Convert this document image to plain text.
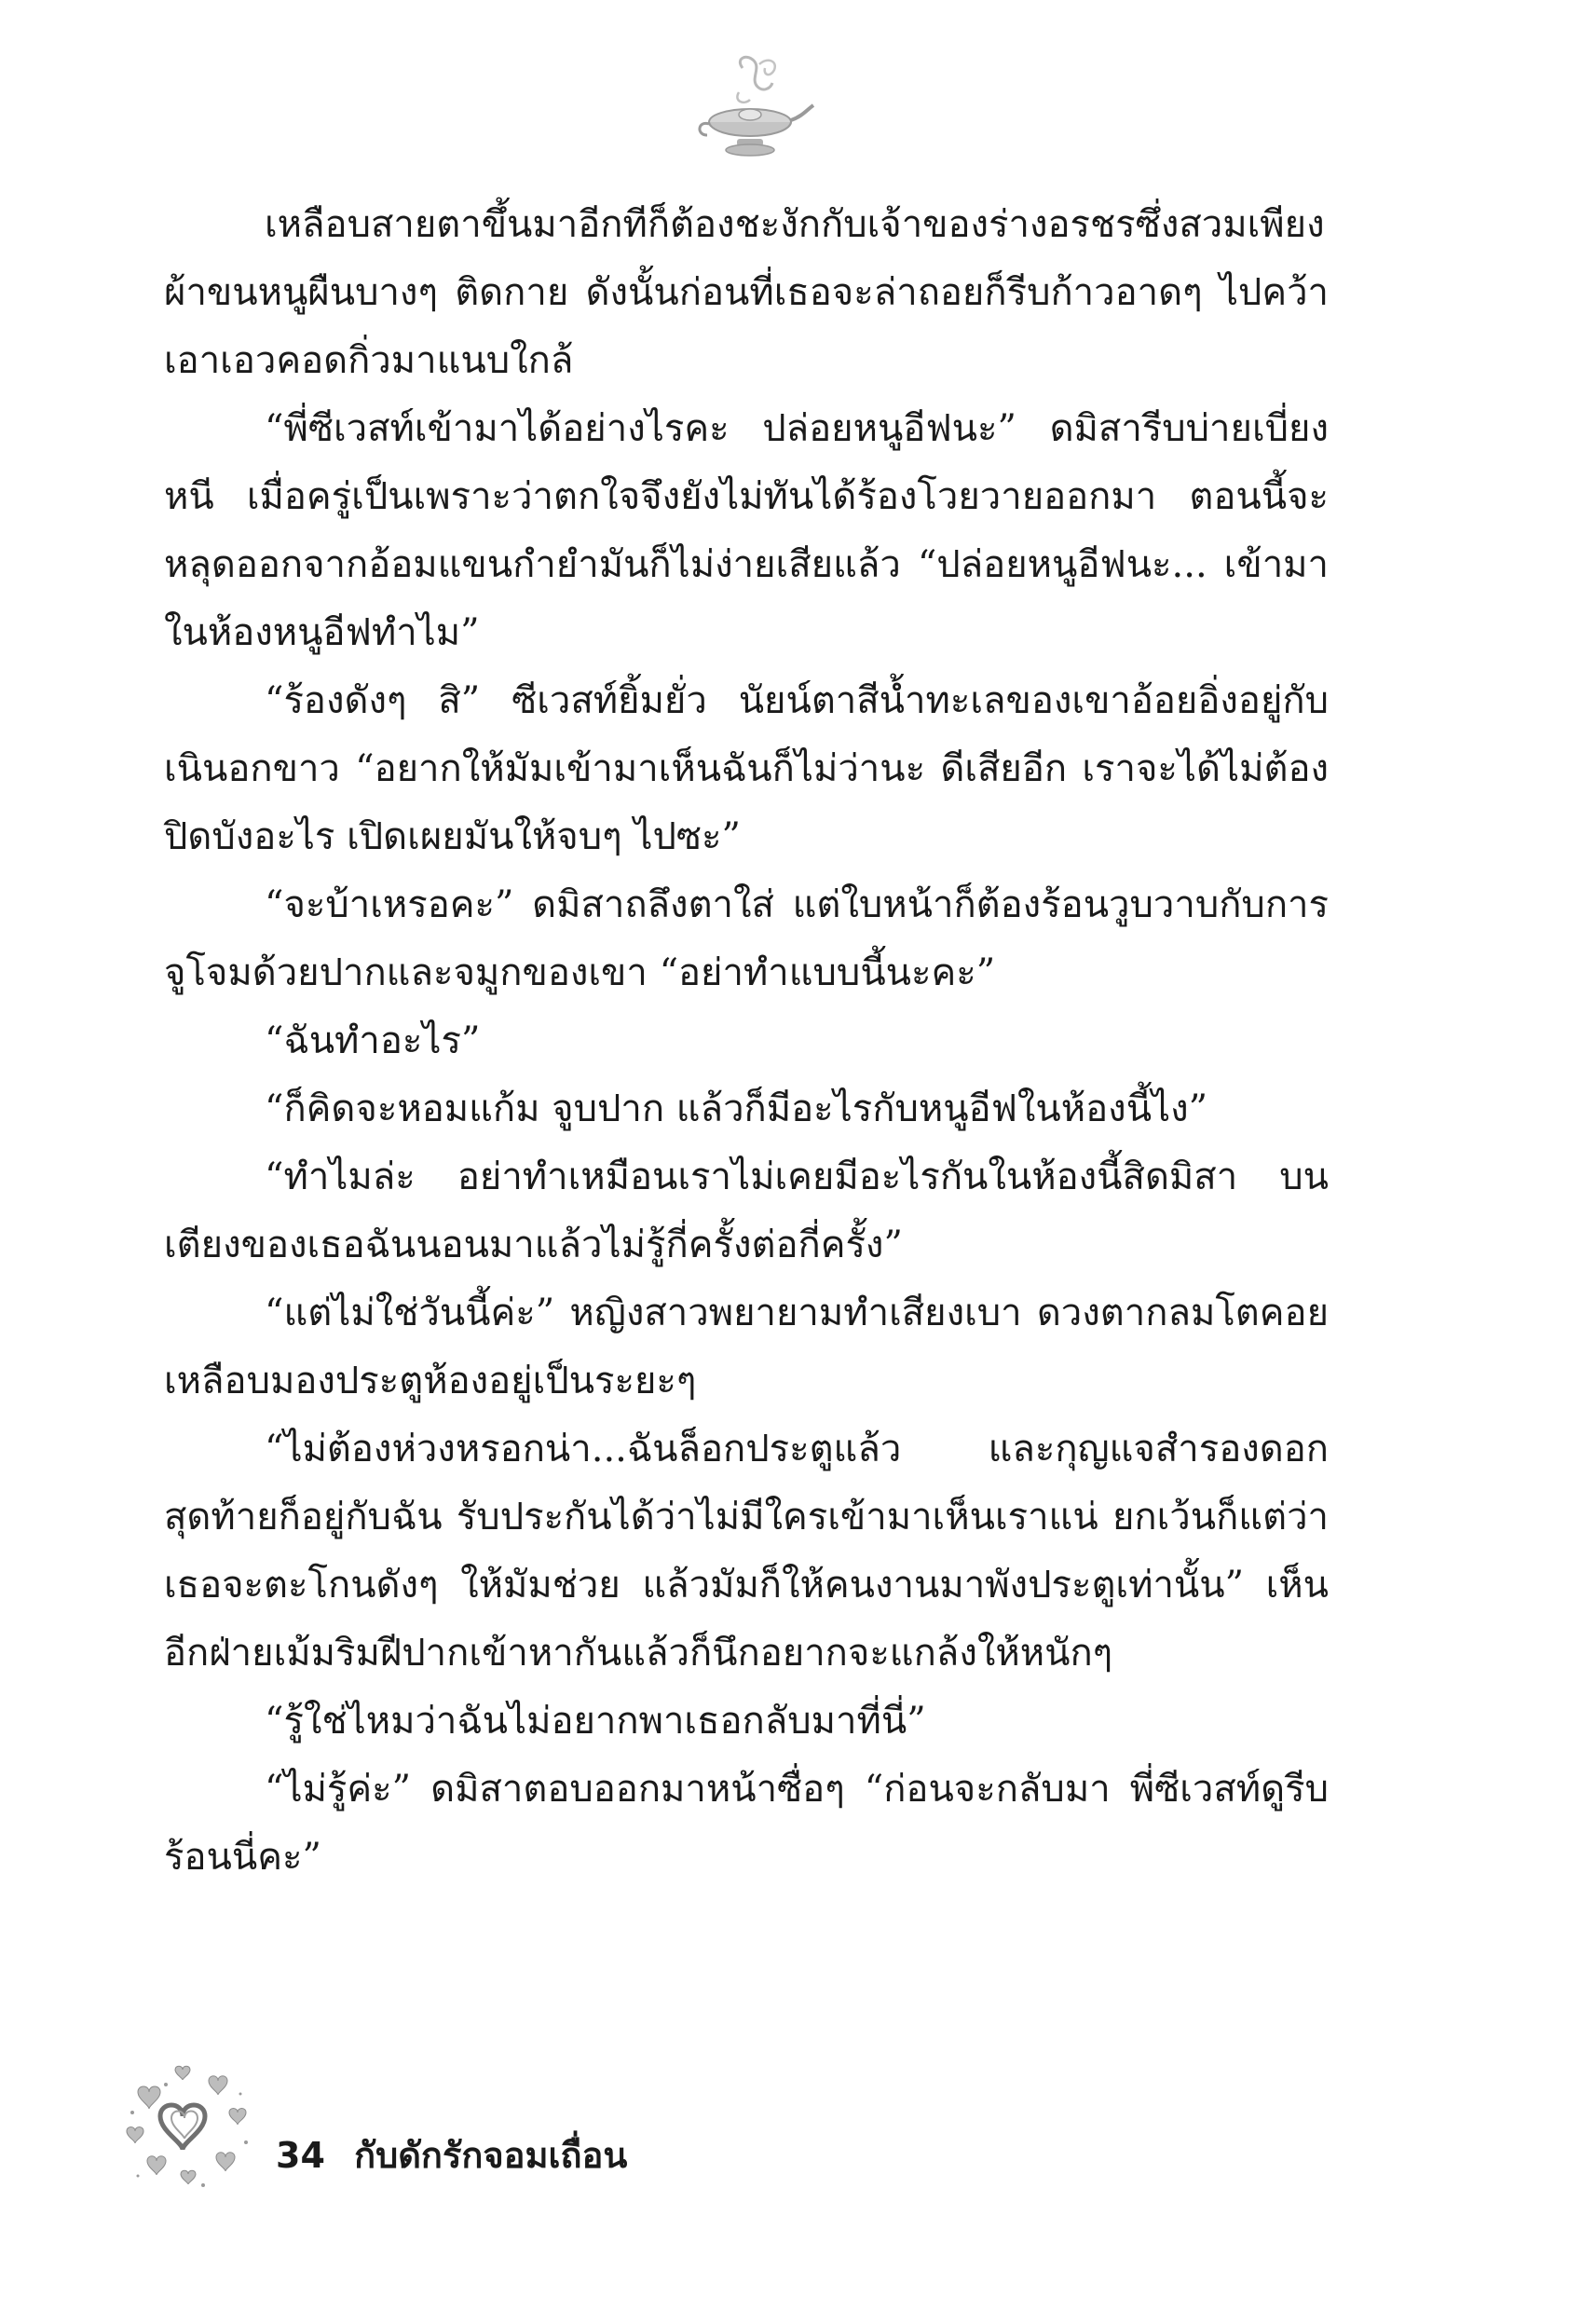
เหลือบสายตาขึ้นมาอีกทีก็ต้องชะงักกับเจ้าของร่างอรชรซึ่งสวมเพียงผ้าขนหนูผืนบางๆ ติดกาย ดังนั้นก่อนที่เธอจะล่าถอยก็รีบก้าวอาดๆ ไปคว้าเอาเอวคอดกิ่วมาแนบใกล้

“พี่ซีเวสท์เข้ามาได้อย่างไรคะ ปล่อยหนูอีฟนะ” ดมิสารีบบ่ายเบี่ยงหนี เมื่อครู่เป็นเพราะว่าตกใจจึงยังไม่ทันได้ร้องโวยวายออกมา ตอนนี้จะหลุดออกจากอ้อมแขนกำยำมันก็ไม่ง่ายเสียแล้ว “ปล่อยหนูอีฟนะ... เข้ามาในห้องหนูอีฟทำไม”

“ร้องดังๆ สิ” ซีเวสท์ยิ้มยั่ว นัยน์ตาสีน้ำทะเลของเขาอ้อยอิ่งอยู่กับเนินอกขาว “อยากให้มัมเข้ามาเห็นฉันก็ไม่ว่านะ ดีเสียอีก เราจะได้ไม่ต้องปิดบังอะไร เปิดเผยมันให้จบๆ ไปซะ”

“จะบ้าเหรอคะ” ดมิสาถลึงตาใส่ แต่ใบหน้าก็ต้องร้อนวูบวาบกับการจูโจมด้วยปากและจมูกของเขา “อย่าทำแบบนี้นะคะ”

“ฉันทำอะไร”

“ก็คิดจะหอมแก้ม จูบปาก แล้วก็มีอะไรกับหนูอีฟในห้องนี้ไง”

“ทำไมล่ะ อย่าทำเหมือนเราไม่เคยมีอะไรกันในห้องนี้สิดมิสา บนเตียงของเธอฉันนอนมาแล้วไม่รู้กี่ครั้งต่อกี่ครั้ง”

“แต่ไม่ใช่วันนี้ค่ะ” หญิงสาวพยายามทำเสียงเบา ดวงตากลมโตคอยเหลือบมองประตูห้องอยู่เป็นระยะๆ

“ไม่ต้องห่วงหรอกน่า...ฉันล็อกประตูแล้ว และกุญแจสำรองดอกสุดท้ายก็อยู่กับฉัน รับประกันได้ว่าไม่มีใครเข้ามาเห็นเราแน่ ยกเว้นก็แต่ว่าเธอจะตะโกนดังๆ ให้มัมช่วย แล้วมัมก็ให้คนงานมาพังประตูเท่านั้น” เห็นอีกฝ่ายเม้มริมฝีปากเข้าหากันแล้วก็นึกอยากจะแกล้งให้หนักๆ

“รู้ใช่ไหมว่าฉันไม่อยากพาเธอกลับมาที่นี่”

“ไม่รู้ค่ะ” ดมิสาตอบออกมาหน้าซื่อๆ “ก่อนจะกลับมา พี่ซีเวสท์ดูรีบร้อนนี่คะ”

34 กับดักรักจอมเถื่อน
